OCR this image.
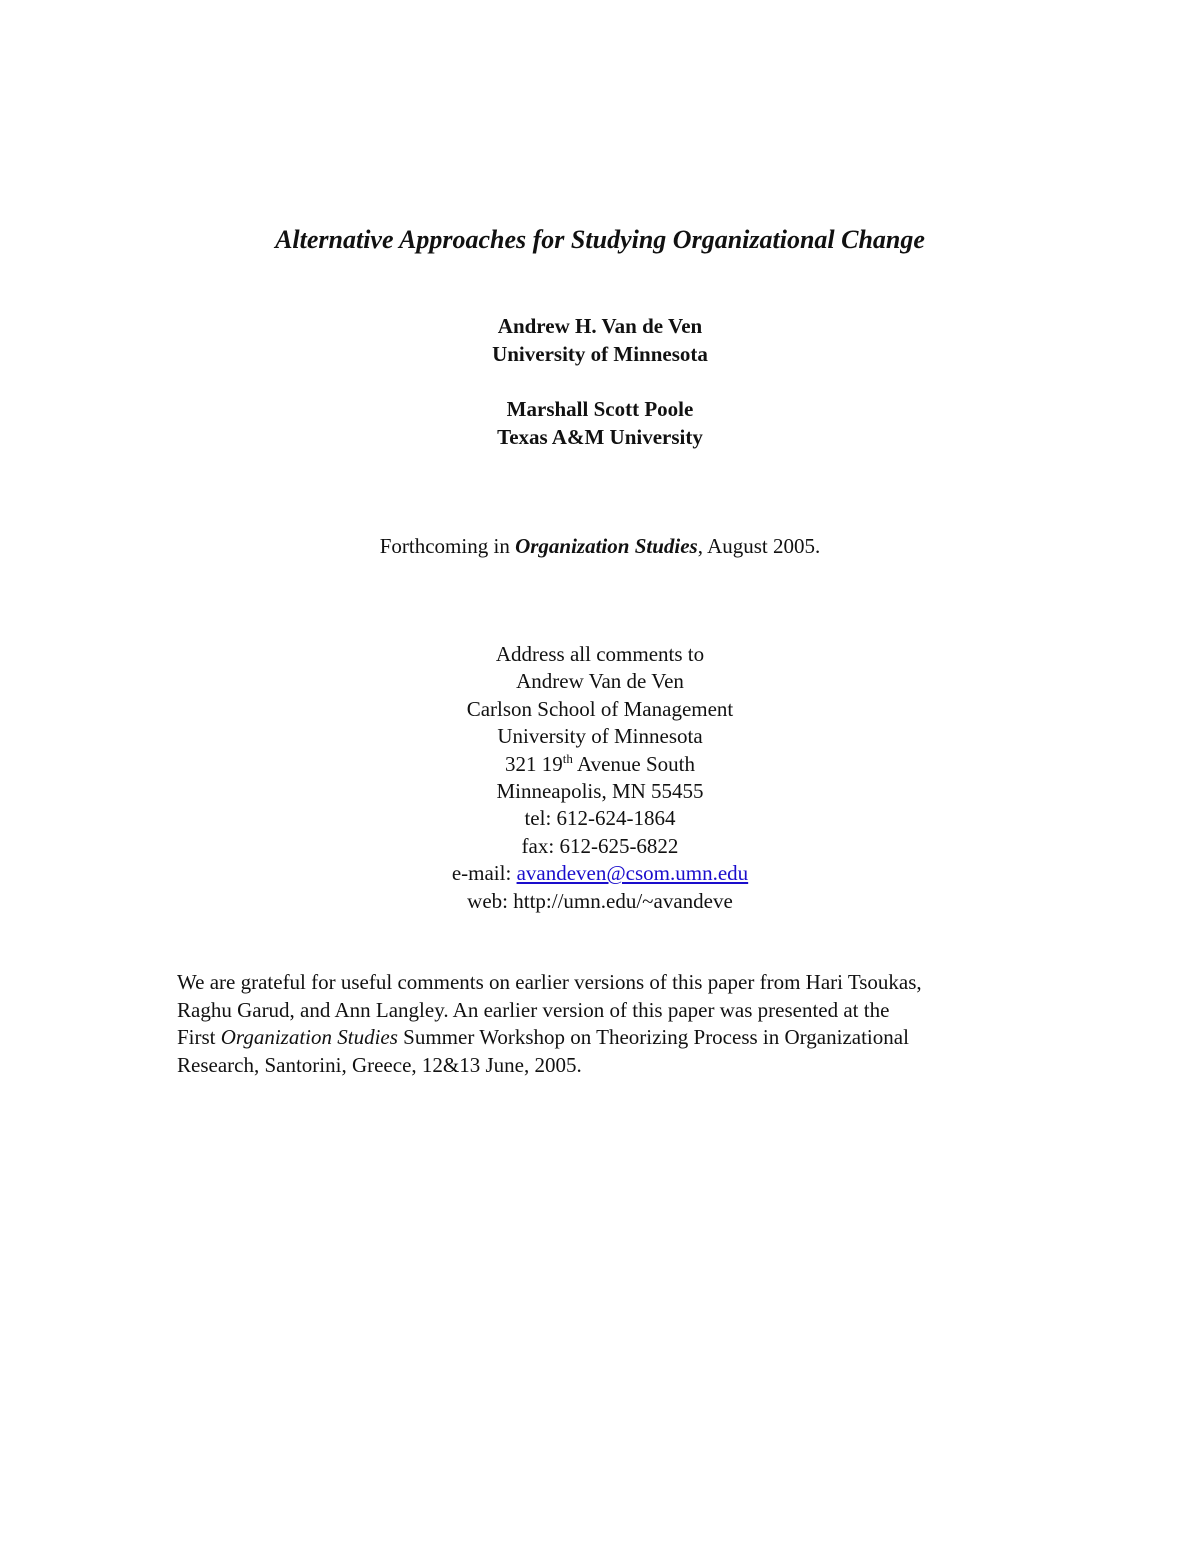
Alternative Approaches for Studying Organizational Change
Andrew H. Van de Ven
University of Minnesota
Marshall Scott Poole
Texas A&M University
Forthcoming in Organization Studies, August 2005.
Address all comments to
Andrew Van de Ven
Carlson School of Management
University of Minnesota
321 19th Avenue South
Minneapolis, MN 55455
tel: 612-624-1864
fax: 612-625-6822
e-mail: avandeven@csom.umn.edu
web: http://umn.edu/~avandeve
We are grateful for useful comments on earlier versions of this paper from Hari Tsoukas,
Raghu Garud, and Ann Langley. An earlier version of this paper was presented at the
First Organization Studies Summer Workshop on Theorizing Process in Organizational
Research, Santorini, Greece, 12&13 June, 2005.
